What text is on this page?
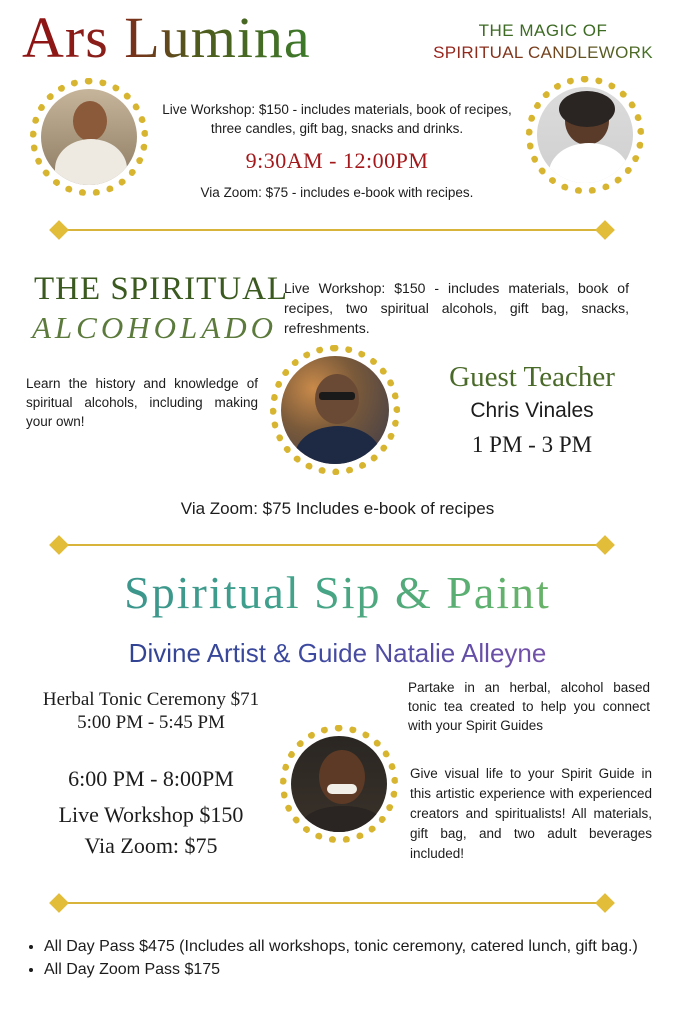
Ars Lumina	THE MAGIC OF
SPIRITUAL CANDLEWORK
Live Workshop: $150 - includes materials, book of recipes, three candles, gift bag, snacks and drinks.
9:30AM - 12:00PM
Via Zoom: $75 - includes e-book with recipes.
THE SPIRITUAL
ALCOHOLADO
Live Workshop: $150 - includes materials, book of recipes, two spiritual alcohols, gift bag, snacks, refreshments.
Learn the history and knowledge of spiritual alcohols, including making your own!
Guest Teacher
Chris Vinales
1 PM - 3 PM
Via Zoom: $75 Includes e-book of recipes
Spiritual Sip & Paint
Divine Artist & Guide Natalie Alleyne
Herbal Tonic Ceremony $71
5:00 PM - 5:45 PM
6:00 PM - 8:00PM
Live Workshop $150
Via Zoom: $75
Partake in an herbal, alcohol based tonic tea created to help you connect with your Spirit Guides
Give visual life to your Spirit Guide in this artistic experience with experienced creators and spiritualists! All materials, gift bag, and two adult beverages included!
• All Day Pass $475 (Includes all workshops, tonic ceremony, catered lunch, gift bag.)
• All Day Zoom Pass $175
